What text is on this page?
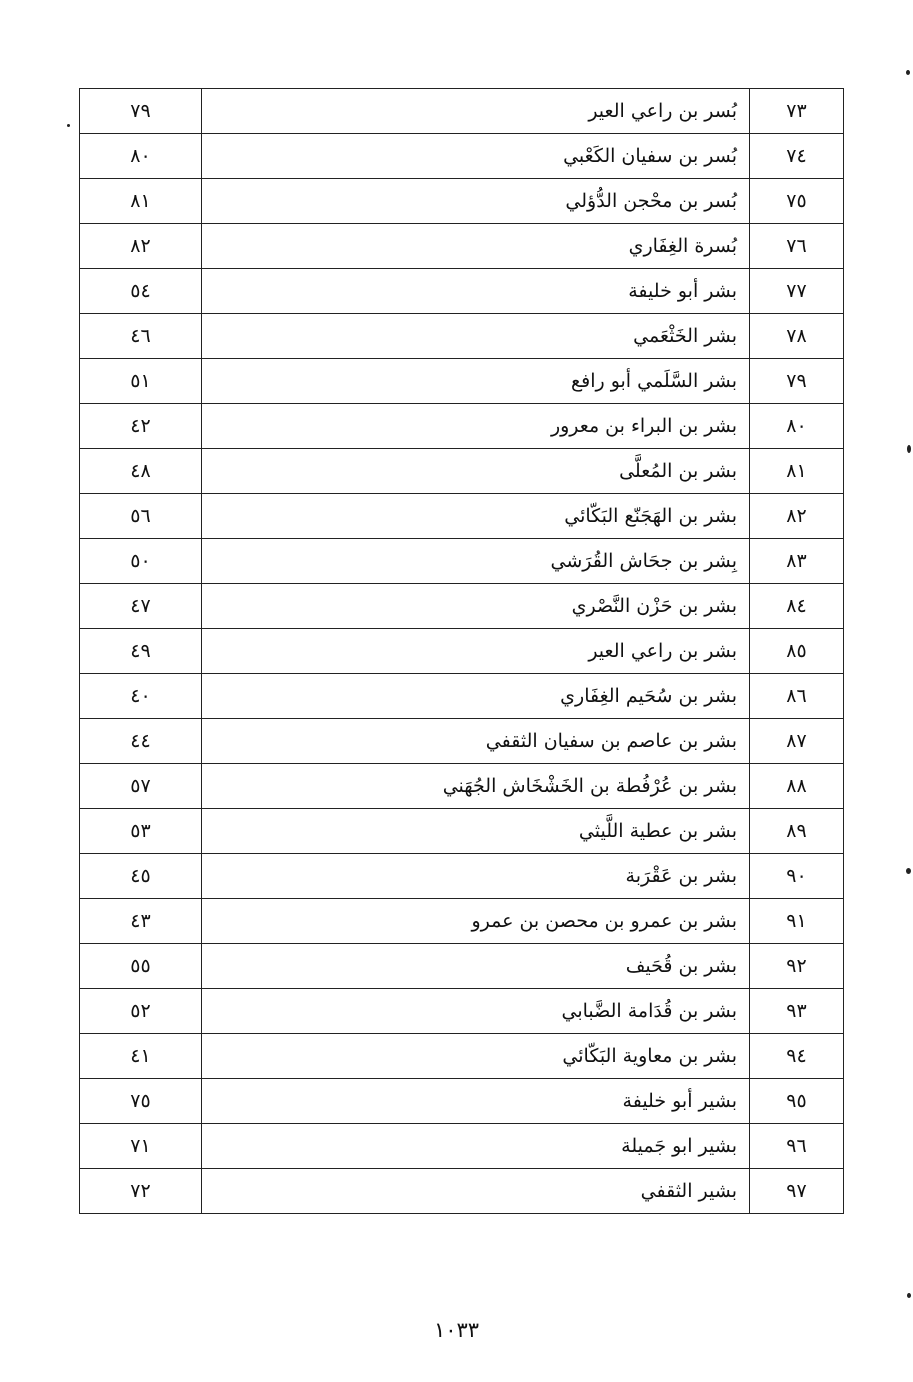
٧٣	بُسر بن راعي العير	٧٩
٧٤	بُسر بن سفيان الكَعْبي	٨٠
٧٥	بُسر بن محْجن الدُّؤلي	٨١
٧٦	بُسرة الغِفَاري	٨٢
٧٧	بشر أبو خليفة	٥٤
٧٨	بشر الخَثْعَمي	٤٦
٧٩	بشر السَّلَمي أبو رافع	٥١
٨٠	بشر بن البراء بن معرور	٤٢
٨١	بشر بن المُعلَّى	٤٨
٨٢	بشر بن الهَجَنّع البَكّائي	٥٦
٨٣	بِشر بن جحَاش القُرَشي	٥٠
٨٤	بشر بن حَزْن النَّصْري	٤٧
٨٥	بشر بن راعي العير	٤٩
٨٦	بشر بن سُحَيم الغِفَاري	٤٠
٨٧	بشر بن عاصم بن سفيان الثقفي	٤٤
٨٨	بشر بن عُرْفُطة بن الخَشْخَاش الجُهَني	٥٧
٨٩	بشر بن عطية اللَّيثي	٥٣
٩٠	بشر بن عَقْرَبة	٤٥
٩١	بشر بن عمرو بن محصن بن عمرو	٤٣
٩٢	بشر بن قُحَيف	٥٥
٩٣	بشر بن قُدَامة الضَّبابي	٥٢
٩٤	بشر بن معاوية البَكّائي	٤١
٩٥	بشير أبو خليفة	٧٥
٩٦	بشير ابو جَميلة	٧١
٩٧	بشير الثقفي	٧٢
١٠٣٣
